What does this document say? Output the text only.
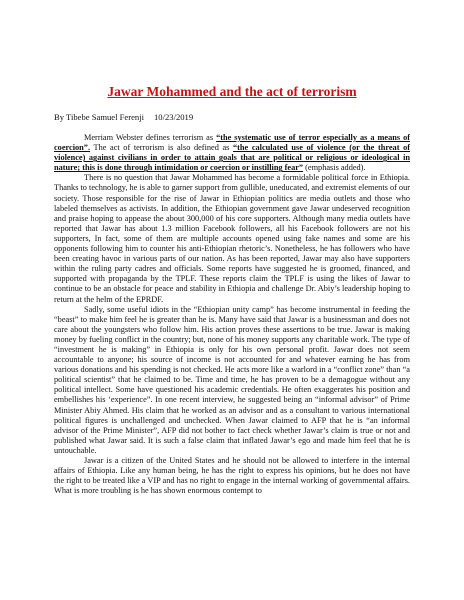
Jawar Mohammed and the act of terrorism

By Tibebe Samuel Ferenji 10/23/2019

Merriam Webster defines terrorism as “the systematic use of terror especially as a means of coercion”. The act of terrorism is also defined as “the calculated use of violence (or the threat of violence) against civilians in order to attain goals that are political or religious or ideological in nature; this is done through intimidation or coercion or instilling fear” (emphasis added).

There is no question that Jawar Mohammed has become a formidable political force in Ethiopia. Thanks to technology, he is able to garner support from gullible, uneducated, and extremist elements of our society. Those responsible for the rise of Jawar in Ethiopian politics are media outlets and those who labeled themselves as activists. In addition, the Ethiopian government gave Jawar undeserved recognition and praise hoping to appease the about 300,000 of his core supporters. Although many media outlets have reported that Jawar has about 1.3 million Facebook followers, all his Facebook followers are not his supporters, In fact, some of them are multiple accounts opened using fake names and some are his opponents following him to counter his anti-Ethiopian rhetoric’s. Nonetheless, he has followers who have been creating havoc in various parts of our nation. As has been reported, Jawar may also have supporters within the ruling party cadres and officials. Some reports have suggested he is groomed, financed, and supported with propaganda by the TPLF. These reports claim the TPLF is using the likes of Jawar to continue to be an obstacle for peace and stability in Ethiopia and challenge Dr. Abiy’s leadership hoping to return at the helm of the EPRDF.

Sadly, some useful idiots in the “Ethiopian unity camp” has become instrumental in feeding the “beast” to make him feel he is greater than he is. Many have said that Jawar is a businessman and does not care about the youngsters who follow him. His action proves these assertions to be true. Jawar is making money by fueling conflict in the country; but, none of his money supports any charitable work. The type of “investment he is making” in Ethiopia is only for his own personal profit. Jawar does not seem accountable to anyone; his source of income is not accounted for and whatever earning he has from various donations and his spending is not checked. He acts more like a warlord in a “conflict zone” than “a political scientist” that he claimed to be. Time and time, he has proven to be a demagogue without any political intellect. Some have questioned his academic credentials. He often exaggerates his position and embellishes his ‘experience”. In one recent interview, he suggested being an “informal advisor” of Prime Minister Abiy Ahmed. His claim that he worked as an advisor and as a consultant to various international political figures is unchallenged and unchecked. When Jawar claimed to AFP that he is “an informal advisor of the Prime Minister”, AFP did not bother to fact check whether Jawar’s claim is true or not and published what Jawar said. It is such a false claim that inflated Jawar’s ego and made him feel that he is untouchable.

Jawar is a citizen of the United States and he should not be allowed to interfere in the internal affairs of Ethiopia. Like any human being, he has the right to express his opinions, but he does not have the right to be treated like a VIP and has no right to engage in the internal working of governmental affairs. What is more troubling is he has shown enormous contempt to
